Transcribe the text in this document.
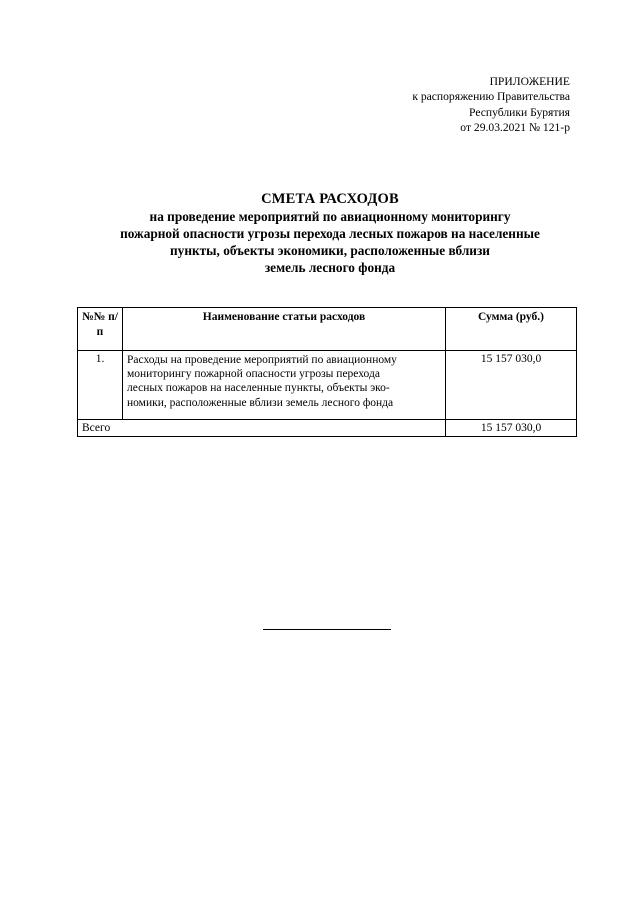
ПРИЛОЖЕНИЕ
к распоряжению Правительства
Республики Бурятия
от 29.03.2021 № 121-р
СМЕТА РАСХОДОВ
на проведение мероприятий по авиационному мониторингу
пожарной опасности угрозы перехода лесных пожаров на населенные
пункты, объекты экономики, расположенные вблизи
земель лесного фонда
№№ п/п	Наименование статьи расходов	Сумма (руб.)
1.	Расходы на проведение мероприятий по авиационному
мониторингу пожарной опасности угрозы перехода
лесных пожаров на населенные пункты, объекты эко-
номики, расположенные вблизи земель лесного фонда	15 157 030,0
Всего		15 157 030,0
